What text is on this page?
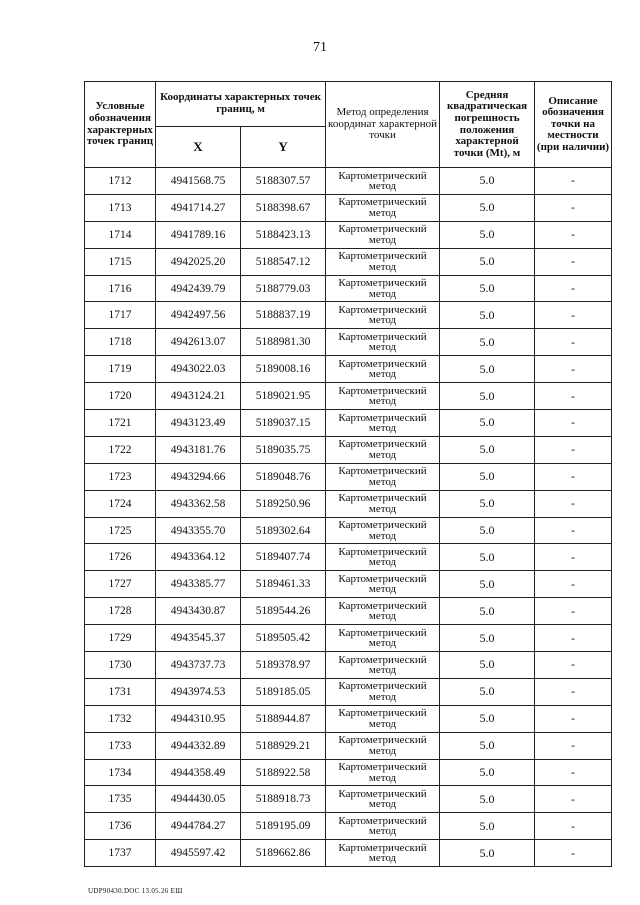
71
Условные обозначения характерных точек границ	Координаты характерных точек границ, м		Метод определения координат характерной точки	Средняя квадратическая погрешность положения характерной точки (Mt), м	Описание обозначения точки на местности (при наличии)
	X	Y			
1712	4941568.75	5188307.57	Картометрический метод	5.0	-
1713	4941714.27	5188398.67	Картометрический метод	5.0	-
1714	4941789.16	5188423.13	Картометрический метод	5.0	-
1715	4942025.20	5188547.12	Картометрический метод	5.0	-
1716	4942439.79	5188779.03	Картометрический метод	5.0	-
1717	4942497.56	5188837.19	Картометрический метод	5.0	-
1718	4942613.07	5188981.30	Картометрический метод	5.0	-
1719	4943022.03	5189008.16	Картометрический метод	5.0	-
1720	4943124.21	5189021.95	Картометрический метод	5.0	-
1721	4943123.49	5189037.15	Картометрический метод	5.0	-
1722	4943181.76	5189035.75	Картометрический метод	5.0	-
1723	4943294.66	5189048.76	Картометрический метод	5.0	-
1724	4943362.58	5189250.96	Картометрический метод	5.0	-
1725	4943355.70	5189302.64	Картометрический метод	5.0	-
1726	4943364.12	5189407.74	Картометрический метод	5.0	-
1727	4943385.77	5189461.33	Картометрический метод	5.0	-
1728	4943430.87	5189544.26	Картометрический метод	5.0	-
1729	4943545.37	5189505.42	Картометрический метод	5.0	-
1730	4943737.73	5189378.97	Картометрический метод	5.0	-
1731	4943974.53	5189185.05	Картометрический метод	5.0	-
1732	4944310.95	5188944.87	Картометрический метод	5.0	-
1733	4944332.89	5188929.21	Картометрический метод	5.0	-
1734	4944358.49	5188922.58	Картометрический метод	5.0	-
1735	4944430.05	5188918.73	Картометрический метод	5.0	-
1736	4944784.27	5189195.09	Картометрический метод	5.0	-
1737	4945597.42	5189662.86	Картометрический метод	5.0	-
UDP90430.DOC 13.05.26 EШ
